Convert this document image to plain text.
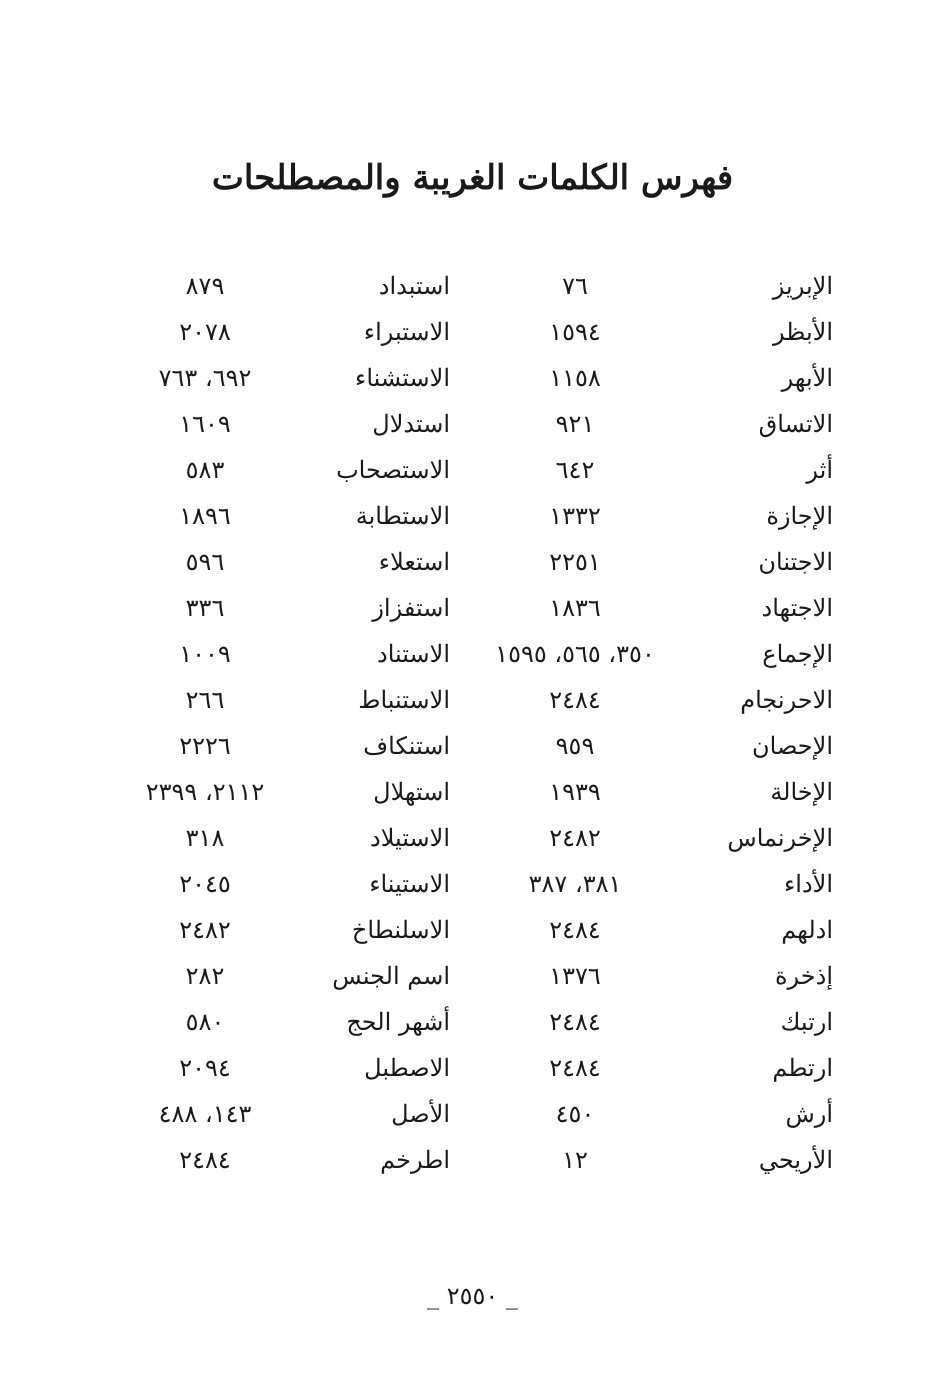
فهرس الكلمات الغريبة والمصطلحات
الإبريز
٧٦
استبداد
٨٧٩
الأبظر
١٥٩٤
الاستبراء
٢٠٧٨
الأبهر
١١٥٨
الاستشناء
٦٩٢، ٧٦٣
الاتساق
٩٢١
استدلال
١٦٠٩
أثر
٦٤٢
الاستصحاب
٥٨٣
الإجازة
١٣٣٢
الاستطابة
١٨٩٦
الاجتنان
٢٢٥١
استعلاء
٥٩٦
الاجتهاد
١٨٣٦
استفزاز
٣٣٦
الإجماع
٣٥٠، ٥٦٥، ١٥٩٥
الاستناد
١٠٠٩
الاحرنجام
٢٤٨٤
الاستنباط
٢٦٦
الإحصان
٩٥٩
استنكاف
٢٢٢٦
الإخالة
١٩٣٩
استهلال
٢١١٢، ٢٣٩٩
الإخرنماس
٢٤٨٢
الاستيلاد
٣١٨
الأداء
٣٨١، ٣٨٧
الاستيناء
٢٠٤٥
ادلهم
٢٤٨٤
الاسلنطاخ
٢٤٨٢
إذخرة
١٣٧٦
اسم الجنس
٢٨٢
ارتبك
٢٤٨٤
أشهر الحج
٥٨٠
ارتطم
٢٤٨٤
الاصطبل
٢٠٩٤
أرش
٤٥٠
الأصل
١٤٣، ٤٨٨
الأريحي
١٢
اطرخم
٢٤٨٤
_ ٢٥٥٠ _
